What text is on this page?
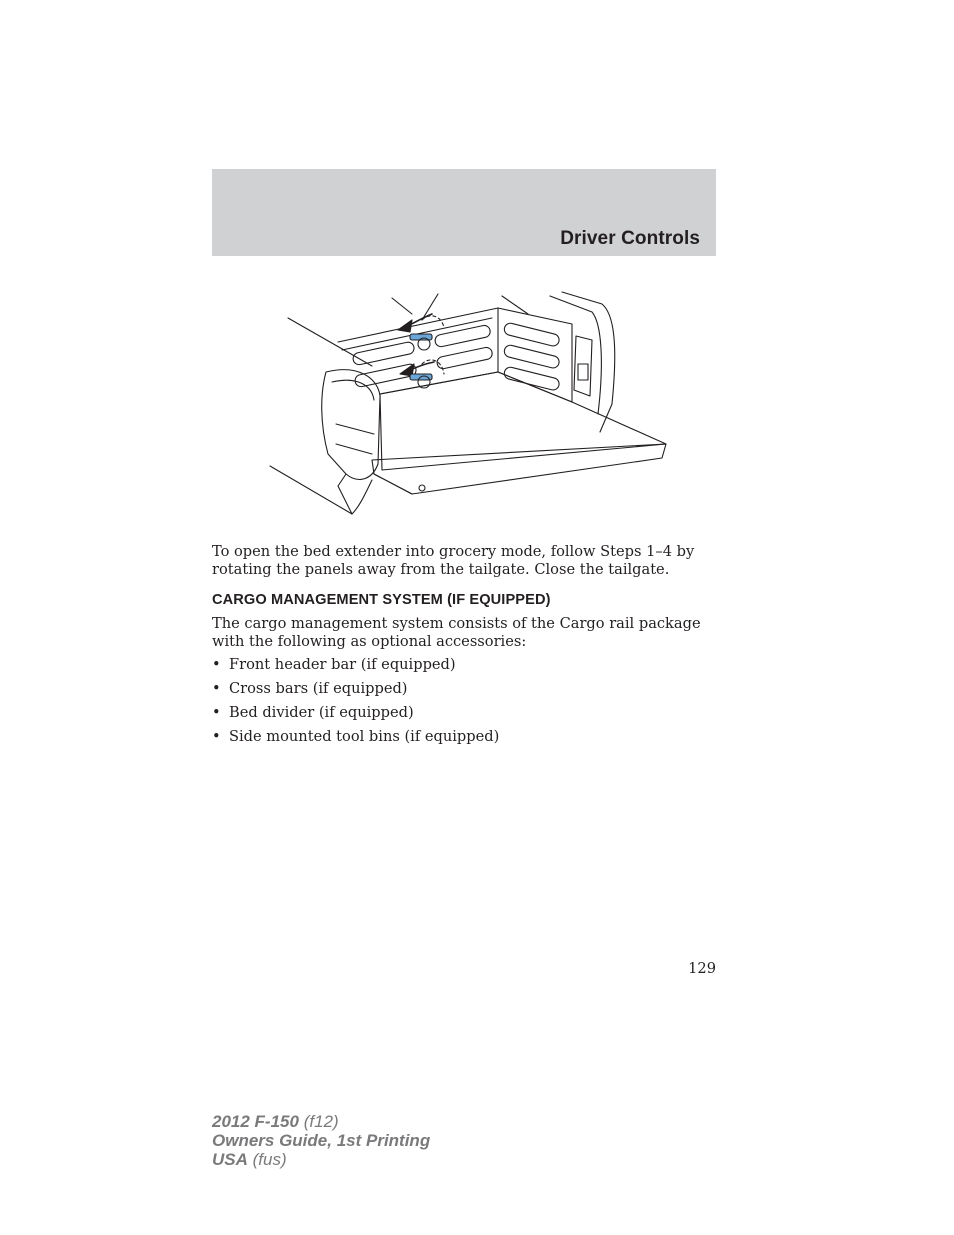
Driver Controls
To open the bed extender into grocery mode, follow Steps 1–4 by rotating the panels away from the tailgate. Close the tailgate.
CARGO MANAGEMENT SYSTEM (IF EQUIPPED)
The cargo management system consists of the Cargo rail package with the following as optional accessories:
• Front header bar (if equipped)
• Cross bars (if equipped)
• Bed divider (if equipped)
• Side mounted tool bins (if equipped)
129
2012 F-150 (f12)
Owners Guide, 1st Printing
USA (fus)
